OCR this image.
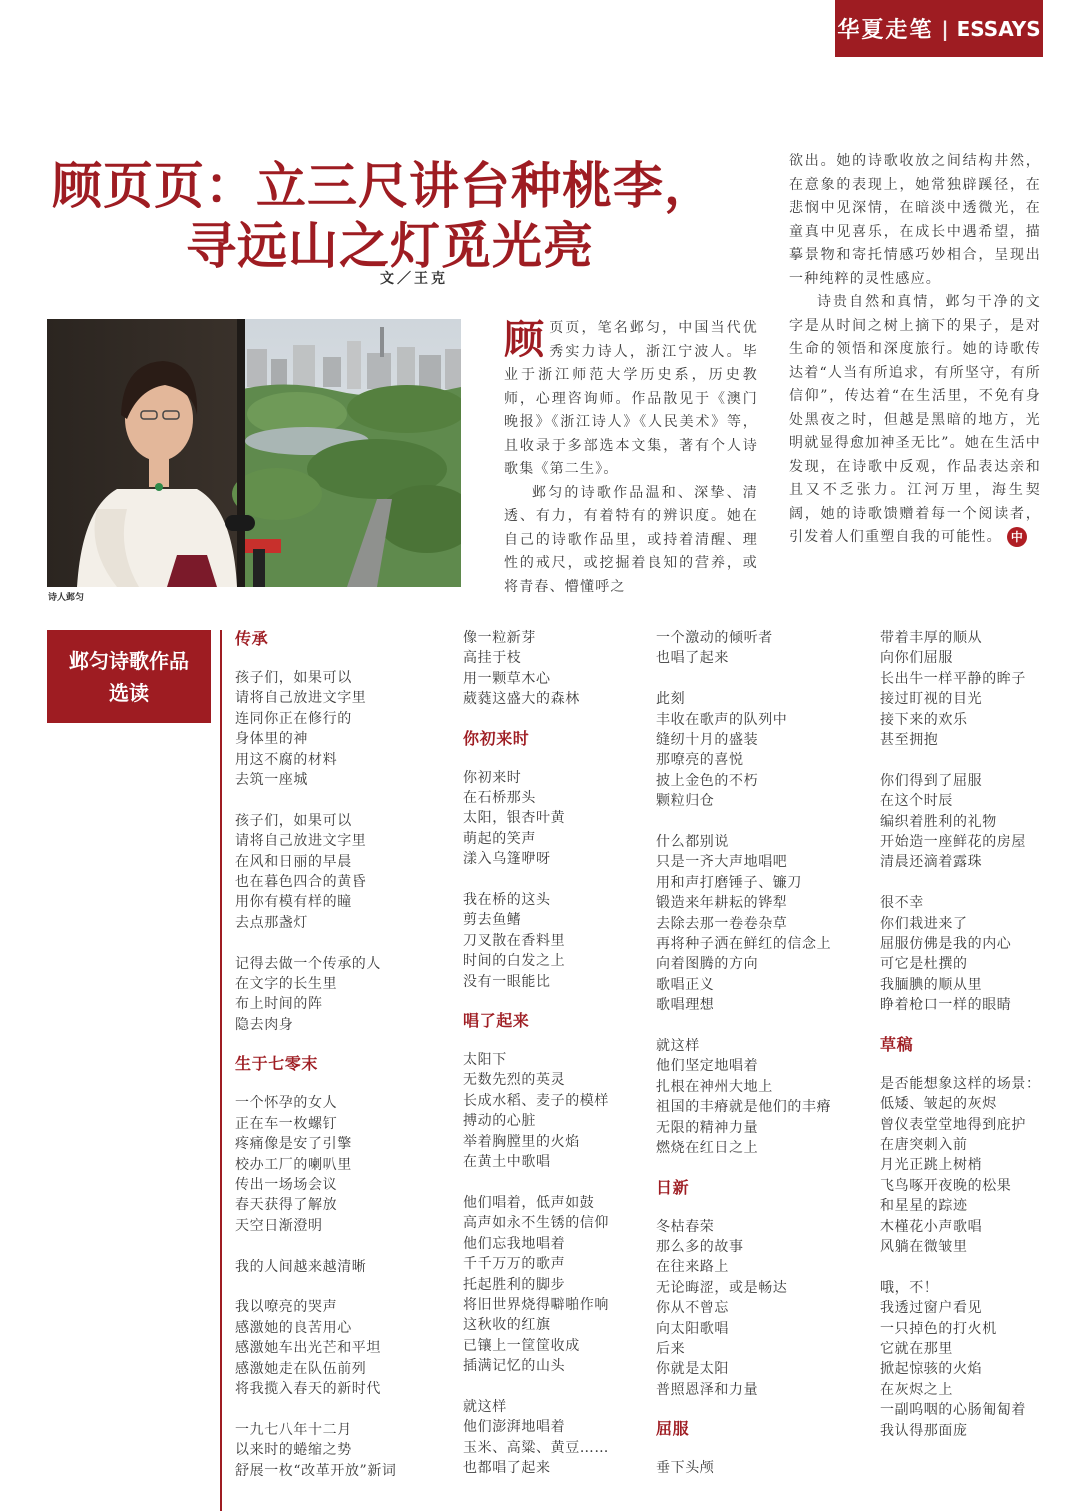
华夏走笔 | ESSAYS
顾页页：立三尺讲台种桃李，
寻远山之灯觅光亮
文／王克
诗人邺匀

顾页页，笔名邺匀，中国当代优秀实力诗人，浙江宁波人。毕业于浙江师范大学历史系，历史教师，心理咨询师。作品散见于《澳门晚报》《浙江诗人》《人民美术》等，且收录于多部选本文集，著有个人诗歌集《第二生》。

邺匀的诗歌作品温和、深挚、清透、有力，有着特有的辨识度。她在自己的诗歌作品里，或持着清醒、理性的戒尺，或挖掘着良知的营养，或将青春、懵懂呼之

欲出。她的诗歌收放之间结构井然，在意象的表现上，她常独辟蹊径，在悲悯中见深情，在暗淡中透微光，在童真中见喜乐，在成长中遇希望，描摹景物和寄托情感巧妙相合，呈现出一种纯粹的灵性感应。

诗贵自然和真情，邺匀干净的文字是从时间之树上摘下的果子，是对生命的领悟和深度旅行。她的诗歌传达着“人当有所追求，有所坚守，有所信仰”，传达着“在生活里，不免有身处黑夜之时，但越是黑暗的地方，光明就显得愈加神圣无比”。她在生活中发现，在诗歌中反观，作品表达亲和且又不乏张力。江河万里，海生契阔，她的诗歌馈赠着每一个阅读者，引发着人们重塑自我的可能性。 中

邺匀诗歌作品
选读
传承
孩子们，如果可以
请将自己放进文字里
连同你正在修行的
身体里的神
用这不腐的材料
去筑一座城
孩子们，如果可以
请将自己放进文字里
在风和日丽的早晨
也在暮色四合的黄昏
用你有模有样的瞳
去点那盏灯
记得去做一个传承的人
在文字的长生里
布上时间的阵
隐去肉身
生于七零末
一个怀孕的女人
正在车一枚螺钉
疼痛像是安了引擎
校办工厂的喇叭里
传出一场场会议
春天获得了解放
天空日渐澄明
我的人间越来越清晰
我以嘹亮的哭声
感激她的良苦用心
感激她车出光芒和平坦
感激她走在队伍前列
将我揽入春天的新时代
一九七八年十二月
以来时的蜷缩之势
舒展一枚“改革开放”新词
像一粒新芽
高挂于枝
用一颗草木心
葳蕤这盛大的森林
你初来时
你初来时
在石桥那头
太阳，银杏叶黄
萌起的笑声
漾入乌篷咿呀
我在桥的这头
剪去鱼鳍
刀叉散在香料里
时间的白发之上
没有一眼能比
唱了起来
太阳下
无数先烈的英灵
长成水稻、麦子的模样
搏动的心脏
举着胸膛里的火焰
在黄土中歌唱
他们唱着，低声如鼓
高声如永不生锈的信仰
他们忘我地唱着
千千万万的歌声
托起胜利的脚步
将旧世界烧得噼啪作响
这秋收的红旗
已镶上一筐筐收成
插满记忆的山头
就这样
他们澎湃地唱着
玉米、高粱、黄豆……
也都唱了起来
一个激动的倾听者
也唱了起来
此刻
丰收在歌声的队列中
缝纫十月的盛装
那嘹亮的喜悦
披上金色的不朽
颗粒归仓
什么都别说
只是一齐大声地唱吧
用和声打磨锤子、镰刀
锻造来年耕耘的铧犁
去除去那一卷卷杂草
再将种子洒在鲜红的信念上
向着图腾的方向
歌唱正义
歌唱理想
就这样
他们坚定地唱着
扎根在神州大地上
祖国的丰瘠就是他们的丰瘠
无限的精神力量
燃烧在红日之上
日新
冬枯春荣
那么多的故事
在往来路上
无论晦涩，或是畅达
你从不曾忘
向太阳歌唱
后来
你就是太阳
普照恩泽和力量
屈服
垂下头颅
带着丰厚的顺从
向你们屈服
长出牛一样平静的眸子
接过盯视的目光
接下来的欢乐
甚至拥抱
你们得到了屈服
在这个时辰
编织着胜利的礼物
开始造一座鲜花的房屋
清晨还滴着露珠
很不幸
你们栽进来了
屈服仿佛是我的内心
可它是杜撰的
我腼腆的顺从里
睁着枪口一样的眼睛
草稿
是否能想象这样的场景：
低矮、皱起的灰烬
曾仪表堂堂地得到庇护
在唐突刺入前
月光正跳上树梢
飞鸟啄开夜晚的松果
和星星的踪迹
木槿花小声歌唱
风躺在微皱里
哦，不！
我透过窗户看见
一只掉色的打火机
它就在那里
掀起惊骇的火焰
在灰烬之上
一副呜咽的心肠匍匐着
我认得那面庞
